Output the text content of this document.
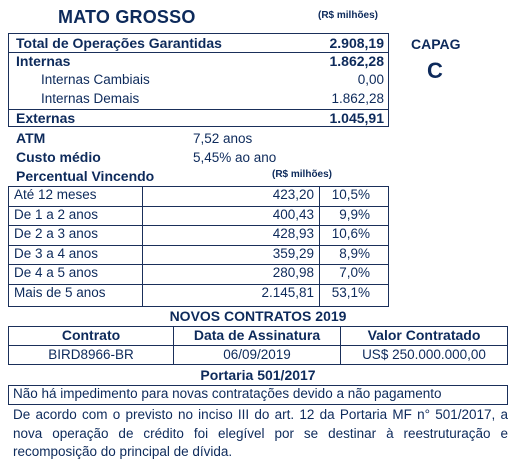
MATO GROSSO	(R$ milhões)
Total de Operações Garantidas	2.908,19
Internas	1.862,28
Internas Cambiais	0,00
Internas Demais	1.862,28
Externas	1.045,91
CAPAG
C
ATM	7,52 anos
Custo médio	5,45% ao ano
Percentual Vincendo	(R$ milhões)
Até 12 meses	423,20	10,5%
De 1 a 2 anos	400,43	9,9%
De 2 a 3 anos	428,93	10,6%
De 3 a 4 anos	359,29	8,9%
De 4 a 5 anos	280,98	7,0%
Mais de 5 anos	2.145,81	53,1%
NOVOS CONTRATOS 2019
Contrato	Data de Assinatura	Valor Contratado
BIRD8966-BR	06/09/2019	US$ 250.000.000,00
Portaria 501/2017
Não há impedimento para novas contratações devido a não pagamento
De acordo com o previsto no inciso III do art. 12 da Portaria MF n° 501/2017, a nova operação de crédito foi elegível por se destinar à reestruturação e recomposição do principal de dívida.
